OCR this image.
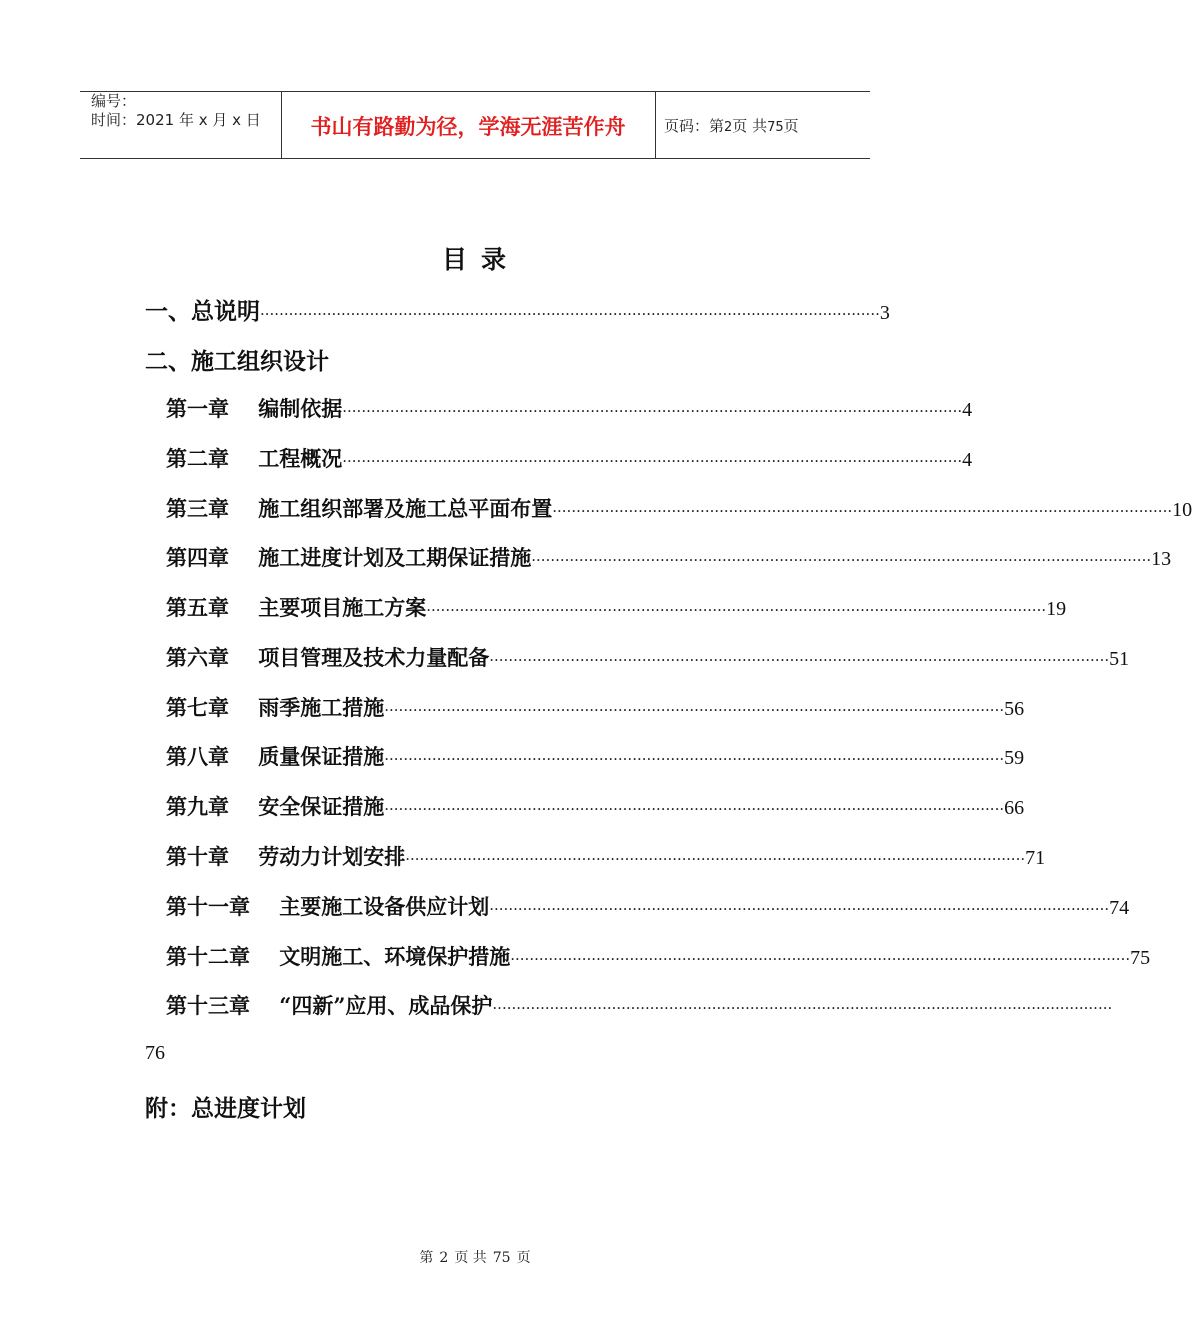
编号：
时间：2021 年 x 月 x 日	书山有路勤为径，学海无涯苦作舟	页码：第2页 共75页
目录
一、总说明 ·································································································································· 3
二、施工组织设计
第一章    编制依据 ·································································································································· 4
第二章    工程概况 ·································································································································· 4
第三章    施工组织部署及施工总平面布置 ·································································································································· 10
第四章    施工进度计划及工期保证措施 ·································································································································· 13
第五章    主要项目施工方案 ·································································································································· 19
第六章    项目管理及技术力量配备 ·································································································································· 51
第七章    雨季施工措施 ·································································································································· 56
第八章    质量保证措施 ·································································································································· 59
第九章    安全保证措施 ·································································································································· 66
第十章    劳动力计划安排 ·································································································································· 71
第十一章    主要施工设备供应计划 ·································································································································· 74
第十二章    文明施工、环境保护措施 ·································································································································· 75
第十三章    “四新”应用、成品保护 ··································································································································
76
附：总进度计划
第 2 页 共 75 页
